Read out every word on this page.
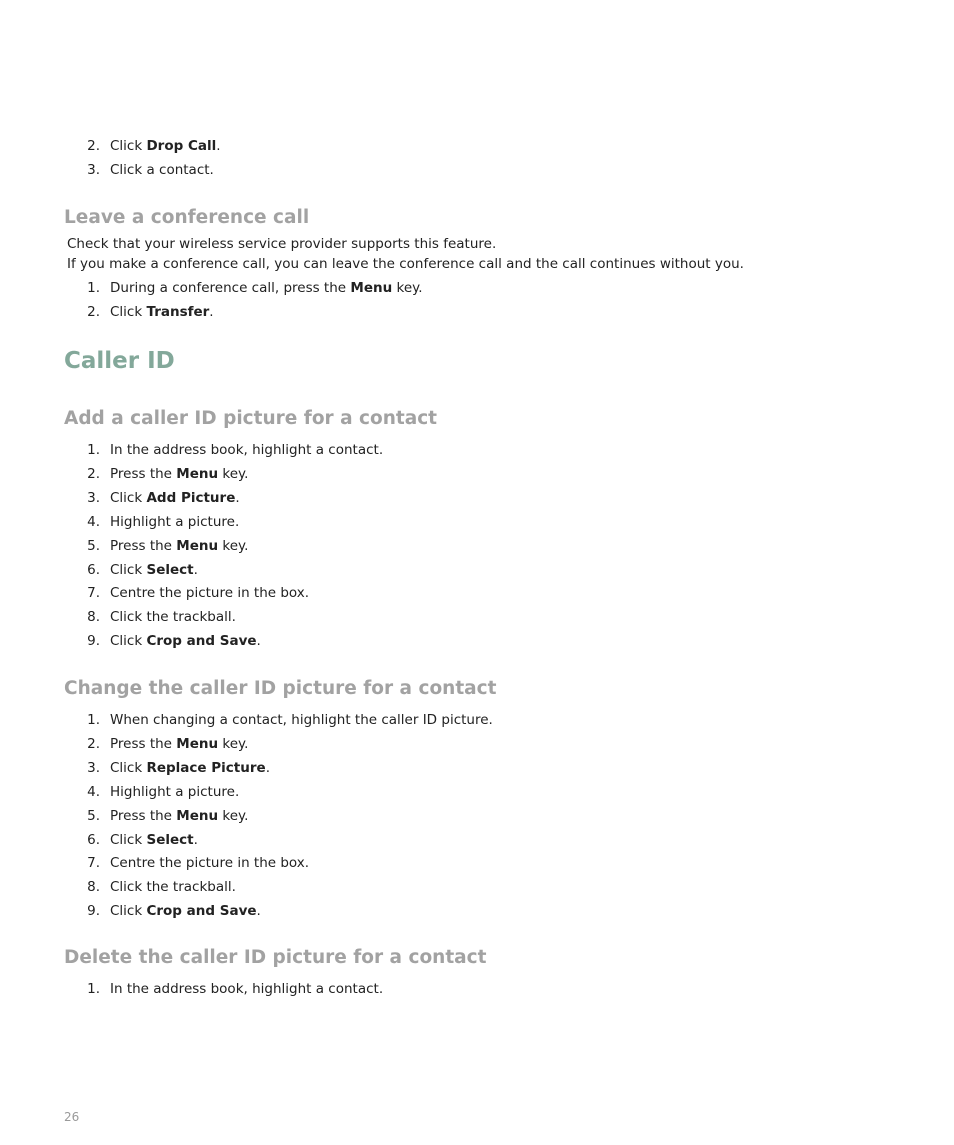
2. Click Drop Call.
3. Click a contact.
Leave a conference call
Check that your wireless service provider supports this feature.
If you make a conference call, you can leave the conference call and the call continues without you.
1. During a conference call, press the Menu key.
2. Click Transfer.
Caller ID
Add a caller ID picture for a contact
1. In the address book, highlight a contact.
2. Press the Menu key.
3. Click Add Picture.
4. Highlight a picture.
5. Press the Menu key.
6. Click Select.
7. Centre the picture in the box.
8. Click the trackball.
9. Click Crop and Save.
Change the caller ID picture for a contact
1. When changing a contact, highlight the caller ID picture.
2. Press the Menu key.
3. Click Replace Picture.
4. Highlight a picture.
5. Press the Menu key.
6. Click Select.
7. Centre the picture in the box.
8. Click the trackball.
9. Click Crop and Save.
Delete the caller ID picture for a contact
1. In the address book, highlight a contact.
26
